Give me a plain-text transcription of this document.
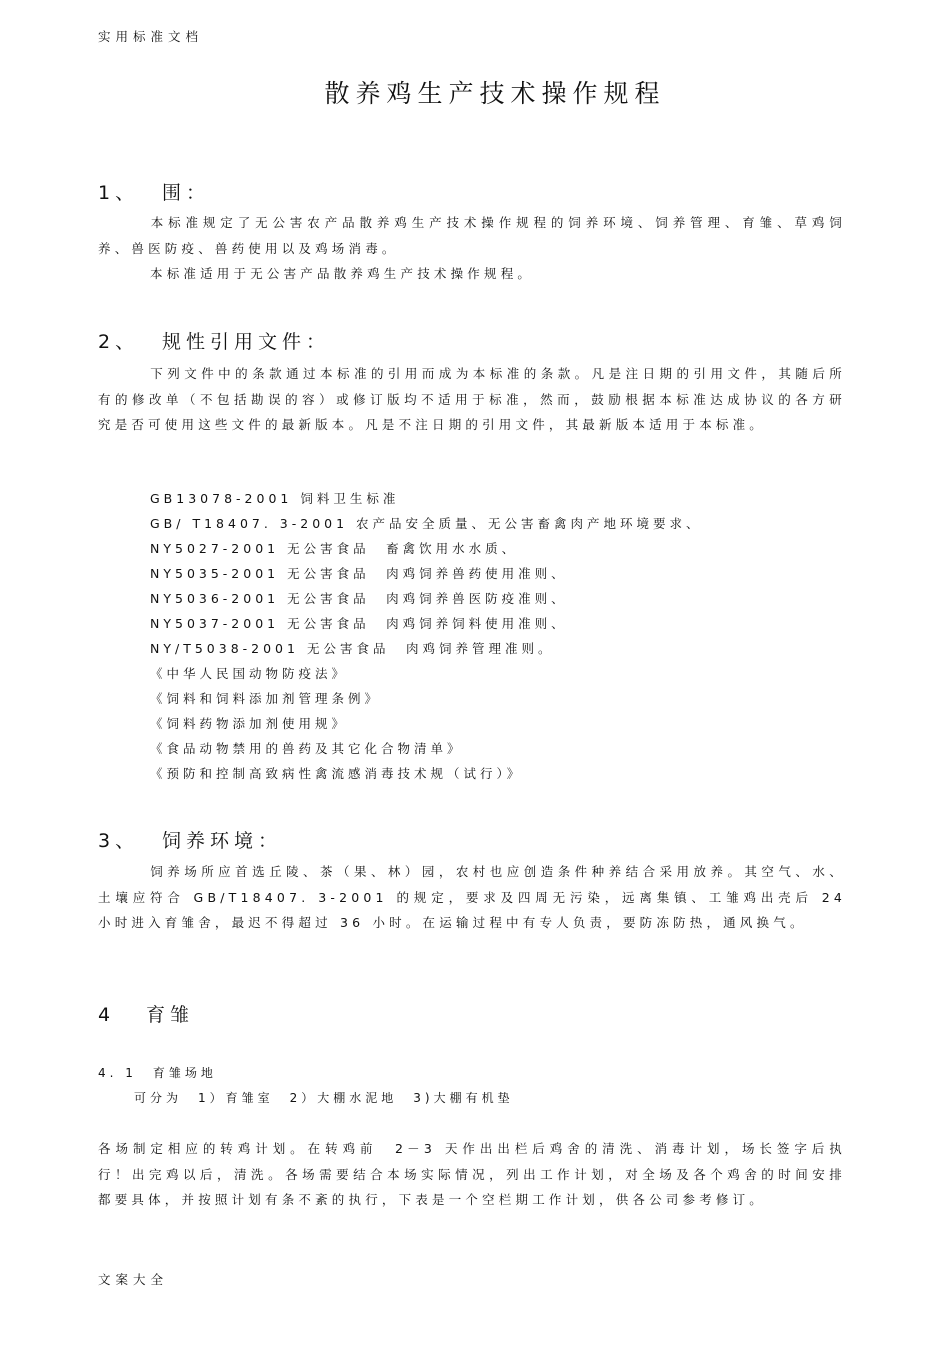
实用标准文档
散养鸡生产技术操作规程
1、 围：
本标准规定了无公害农产品散养鸡生产技术操作规程的饲养环境、饲养管理、育雏、草鸡饲养、兽医防疫、兽药使用以及鸡场消毒。
本标准适用于无公害产品散养鸡生产技术操作规程。
2、 规性引用文件：
下列文件中的条款通过本标准的引用而成为本标准的条款。凡是注日期的引用文件，其随后所有的修改单（不包括勘误的容）或修订版均不适用于标准，然而，鼓励根据本标准达成协议的各方研究是否可使用这些文件的最新版本。凡是不注日期的引用文件，其最新版本适用于本标准。
GB13078-2001 饲料卫生标准
GB/ T18407. 3-2001 农产品安全质量、无公害畜禽肉产地环境要求、
NY5027-2001 无公害食品　畜禽饮用水水质、
NY5035-2001 无公害食品　肉鸡饲养兽药使用准则、
NY5036-2001 无公害食品　肉鸡饲养兽医防疫准则、
NY5037-2001 无公害食品　肉鸡饲养饲料使用准则、
NY/T5038-2001 无公害食品　肉鸡饲养管理准则。
《中华人民国动物防疫法》
《饲料和饲料添加剂管理条例》
《饲料药物添加剂使用规》
《食品动物禁用的兽药及其它化合物清单》
《预防和控制高致病性禽流感消毒技术规（试行）》
3、 饲养环境：
饲养场所应首选丘陵、茶（果、林）园，农村也应创造条件种养结合采用放养。其空气、水、土壤应符合 GB/T18407. 3-2001 的规定，要求及四周无污染，远离集镇、工雏鸡出壳后 24 小时进入育雏舍，最迟不得超过 36 小时。在运输过程中有专人负责，要防冻防热，通风换气。
4 育雏
4. 1　育雏场地
可分为　1）育雏室　2）大棚水泥地　3)大棚有机垫
各场制定相应的转鸡计划。在转鸡前　2－3 天作出出栏后鸡舍的清洗、消毒计划，场长签字后执行！出完鸡以后，清洗。各场需要结合本场实际情况，列出工作计划，对全场及各个鸡舍的时间安排都要具体，并按照计划有条不紊的执行，下表是一个空栏期工作计划，供各公司参考修订。
文案大全
